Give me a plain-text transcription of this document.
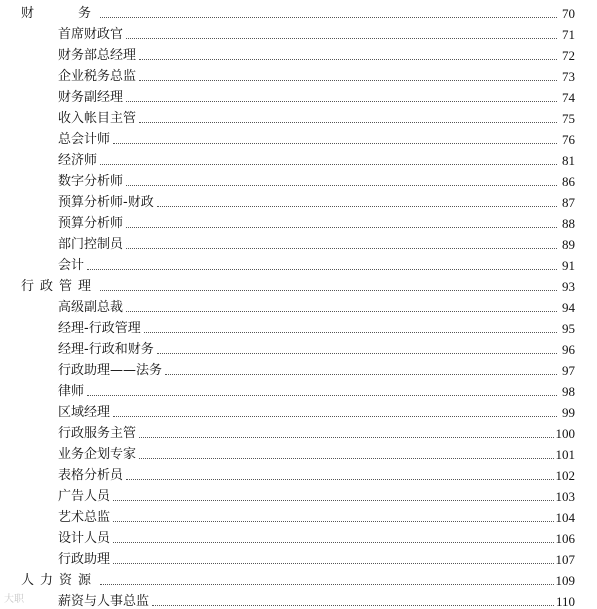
财　　务	70
首席财政官	71
财务部总经理	72
企业税务总监	73
财务副经理	74
收入帐目主管	75
总会计师	76
经济师	81
数字分析师	86
预算分析师-财政	87
预算分析师	88
部门控制员	89
会计	91
行政管理	93
高级副总裁	94
经理-行政管理	95
经理-行政和财务	96
行政助理——法务	97
律师	98
区域经理	99
行政服务主管	100
业务企划专家	101
表格分析员	102
广告人员	103
艺术总监	104
设计人员	106
行政助理	107
人力资源	109
薪资与人事总监	110
大职
